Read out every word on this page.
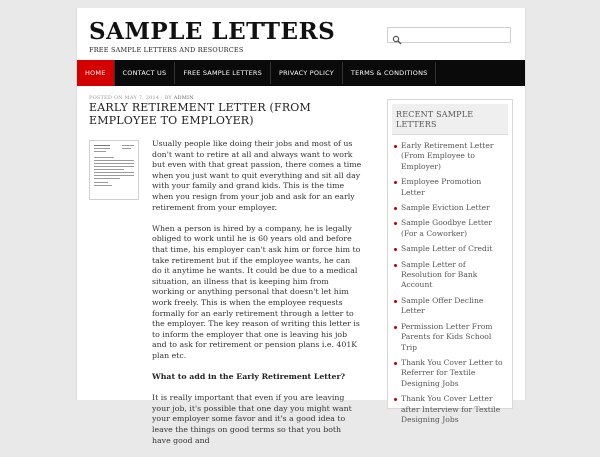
SAMPLE LETTERS
FREE SAMPLE LETTERS AND RESOURCES
HOME	CONTACT US	FREE SAMPLE LETTERS	PRIVACY POLICY	TERMS & CONDITIONS
POSTED ON MAY 7, 2014 · BY ADMIN
EARLY RETIREMENT LETTER (FROM EMPLOYEE TO EMPLOYER)

Usually people like doing their jobs and most of us don't want to retire at all and always want to work but even with that great passion, there comes a time when you just want to quit everything and sit all day with your family and grand kids. This is the time when you resign from your job and ask for an early retirement from your employer.

When a person is hired by a company, he is legally obliged to work until he is 60 years old and before that time, his employer can't ask him or force him to take retirement but if the employee wants, he can do it anytime he wants. It could be due to a medical situation, an illness that is keeping him from working or anything personal that doesn't let him work freely. This is when the employee requests formally for an early retirement through a letter to the employer. The key reason of writing this letter is to inform the employer that one is leaving his job and to ask for retirement or pension plans i.e. 401K plan etc.

What to add in the Early Retirement Letter?

It is really important that even if you are leaving your job, it's possible that one day you might want your employer some favor and it's a good idea to leave the things on good terms so that you both have good and

RECENT SAMPLE LETTERS
Early Retirement Letter (From Employee to Employer)
Employee Promotion Letter
Sample Eviction Letter
Sample Goodbye Letter (For a Coworker)
Sample Letter of Credit
Sample Letter of Resolution for Bank Account
Sample Offer Decline Letter
Permission Letter From Parents for Kids School Trip
Thank You Cover Letter to Referrer for Textile Designing Jobs
Thank You Cover Letter after Interview for Textile Designing Jobs
